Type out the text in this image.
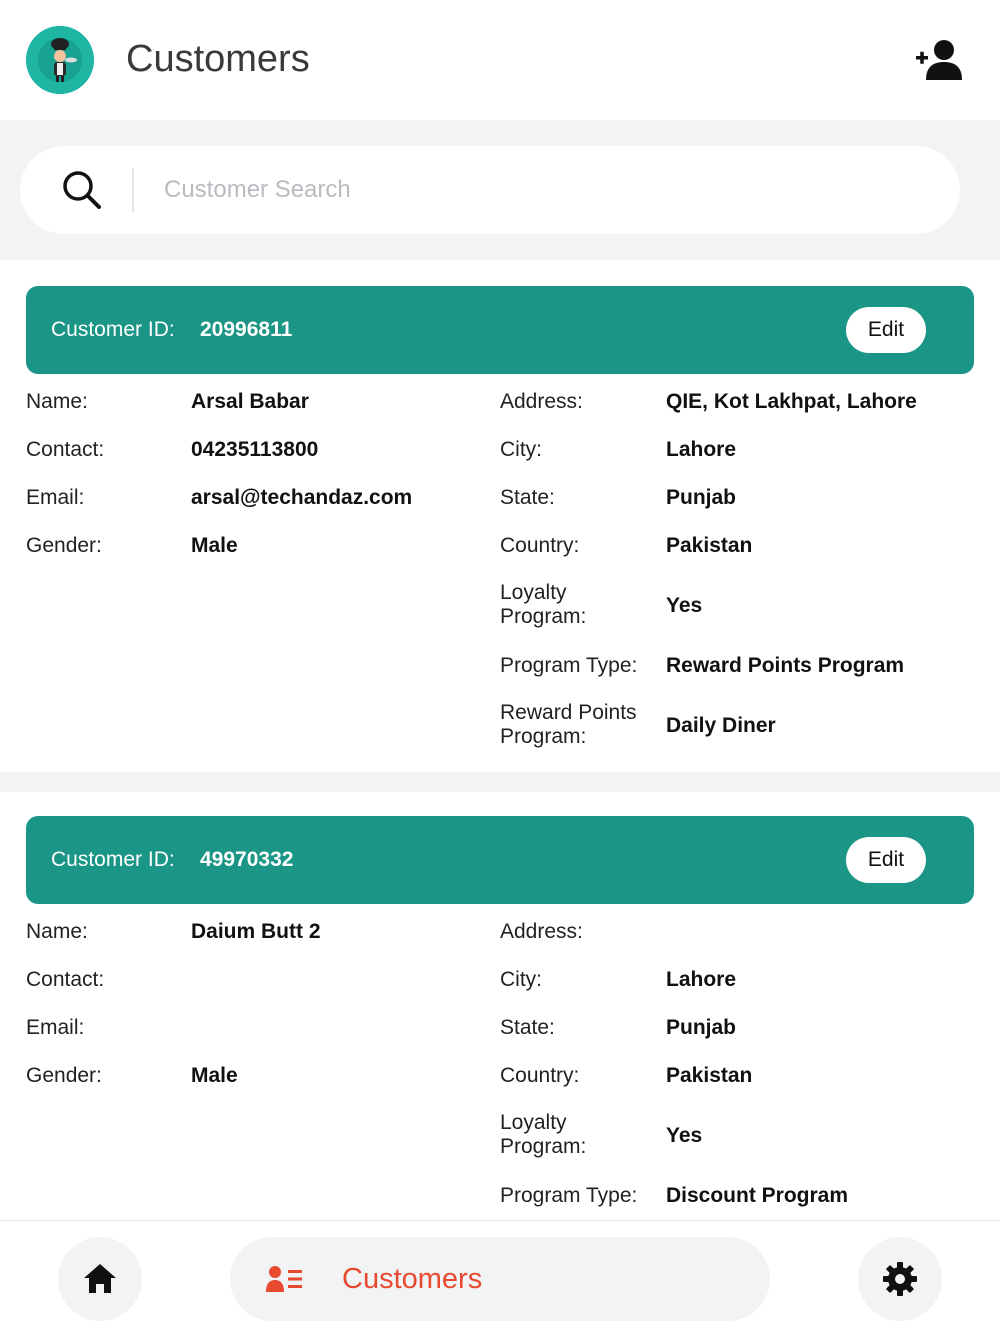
Customers
Customer Search
Customer ID: 20996811	Edit
Name:	Arsal Babar
Contact:	04235113800
Email:	arsal@techandaz.com
Gender:	Male
Address:	QIE, Kot Lakhpat, Lahore
City:	Lahore
State:	Punjab
Country:	Pakistan
Loyalty
Program:	Yes
Program Type: Reward Points Program
Reward Points
Program:	Daily Diner
Customer ID: 49970332	Edit
Name:	Daium Butt 2
Contact:
Email:
Gender:	Male
Address:
City:	Lahore
State:	Punjab
Country:	Pakistan
Loyalty
Program:	Yes
Program Type: Discount Program
Customers
